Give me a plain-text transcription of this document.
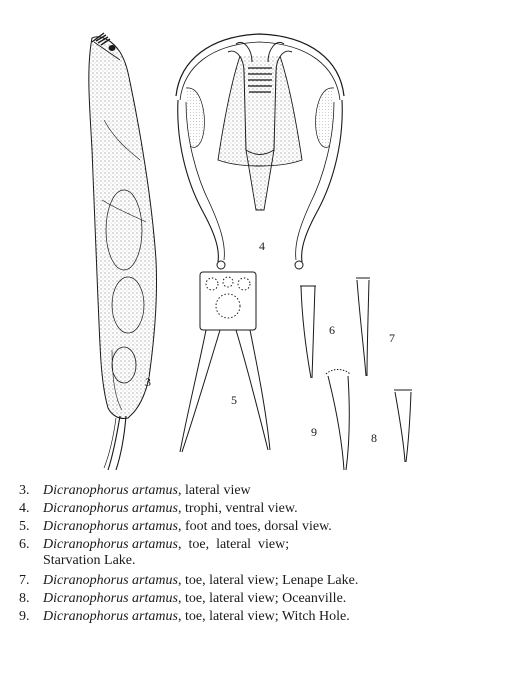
4
3
5
6
7
8
9
3. Dicranophorus artamus, lateral view
4. Dicranophorus artamus, trophi, ventral view.
5. Dicranophorus artamus, foot and toes, dorsal view.
6. Dicranophorus artamus,  toe,  lateral  view;
Starvation Lake.
7. Dicranophorus artamus, toe, lateral view; Lenape Lake.
8. Dicranophorus artamus, toe, lateral view; Oceanville.
9. Dicranophorus artamus, toe, lateral view; Witch Hole.
